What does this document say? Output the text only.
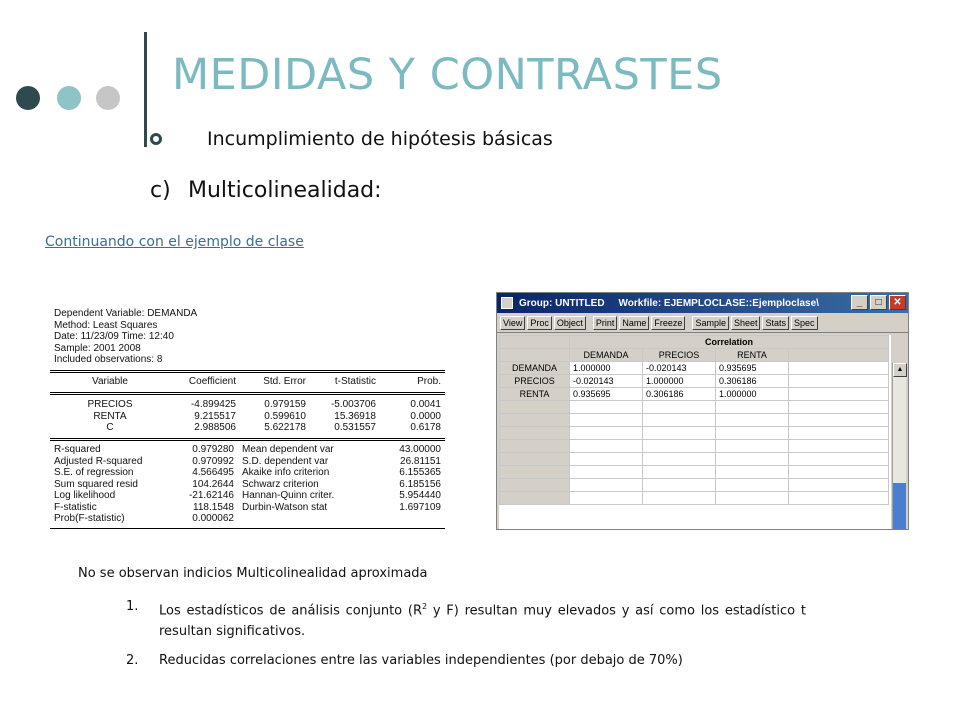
MEDIDAS Y CONTRASTES
Incumplimiento de hipótesis básicas
c) Multicolinealidad:
Continuando con el ejemplo de clase
Dependent Variable: DEMANDA
Method: Least Squares
Date: 11/23/09 Time: 12:40
Sample: 2001 2008
Included observations: 8
Variable	Coefficient	Std. Error	t-Statistic	Prob.
PRECIOS	-4.899425	0.979159	-5.003706	0.0041
RENTA	9.215517	0.599610	15.36918	0.0000
C	2.988506	5.622178	0.531557	0.6178
R-squared	0.979280	Mean dependent var	43.00000
Adjusted R-squared	0.970992	S.D. dependent var	26.81151
S.E. of regression	4.566495	Akaike info criterion	6.155365
Sum squared resid	104.2644	Schwarz criterion	6.185156
Log likelihood	-21.62146	Hannan-Quinn criter.	5.954440
F-statistic	118.1548	Durbin-Watson stat	1.697109
Prob(F-statistic)	0.000062		
Group: UNTITLED Workfile: EJEMPLOCLASE::Ejemploclase\	_	□	✕
View Proc Object	Print Name Freeze	Sample Sheet Stats Spec
	Correlation			
	DEMANDA	PRECIOS	RENTA	
DEMANDA	1.000000	-0.020143	0.935695	
PRECIOS	-0.020143	1.000000	0.306186	
RENTA	0.935695	0.306186	1.000000	

▲
No se observan indicios Multicolinealidad aproximada
1.	Los estadísticos de análisis conjunto ($R^2$ y F) resultan muy elevados y así como los estadístico t resultan significativos.
2.	Reducidas correlaciones entre las variables independientes (por debajo de 70%)
